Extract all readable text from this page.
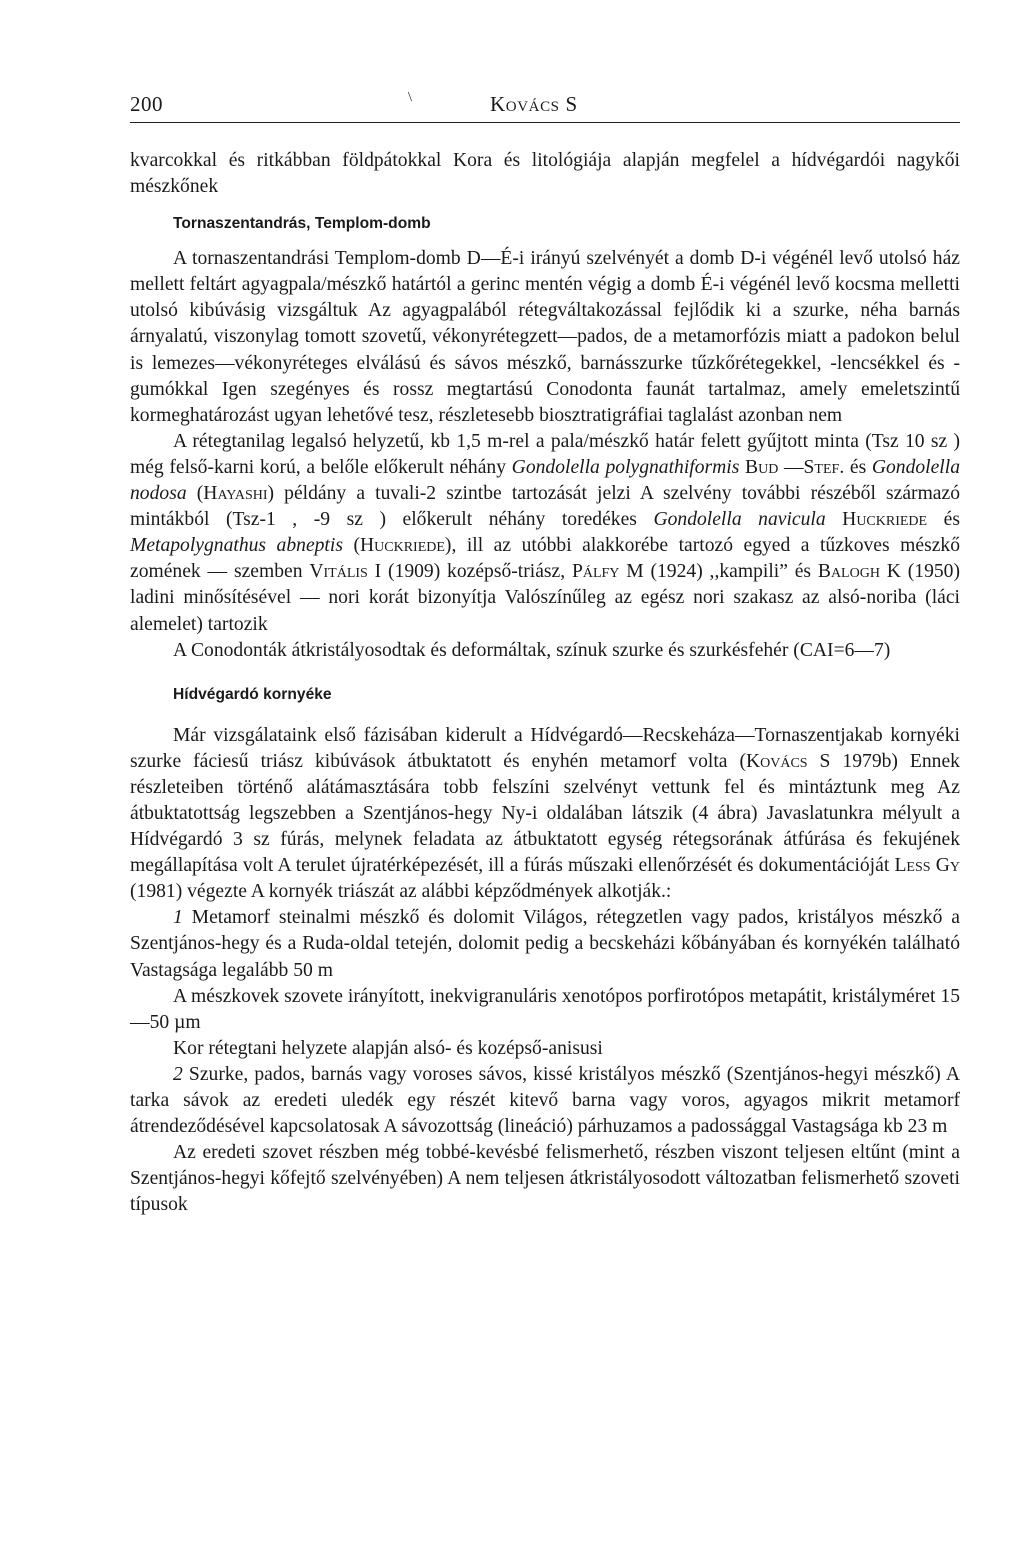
200	\	Kovács S

kvarcokkal és ritkábban földpátokkal Kora és litológiája alapján megfelel a hídvégardói nagykői mészkőnek

Tornaszentandrás, Templom-domb

A tornaszentandrási Templom-domb D—É-i irányú szelvényét a domb D-i végénél levő utolsó ház mellett feltárt agyagpala/mészkő határtól a gerinc mentén végig a domb É-i végénél levő kocsma melletti utolsó kibúvásig vizsgáltuk Az agyagpalából rétegváltakozással fejlődik ki a szurke, néha barnás árnyalatú, viszonylag tomott szovetű, vékonyrétegzett—pados, de a metamorfózis miatt a padokon belul is lemezes—vékonyréteges elválású és sávos mészkő, barnásszurke tűzkőrétegekkel, -lencsékkel és -gumókkal Igen szegényes és rossz megtartású Conodonta faunát tartalmaz, amely emeletszintű kormeghatározást ugyan lehetővé tesz, részletesebb biosztratigráfiai taglalást azonban nem

A rétegtanilag legalsó helyzetű, kb 1,5 m-rel a pala/mészkő határ felett gyűjtott minta (Tsz 10 sz ) még felső-karni korú, a belőle előkerult néhány Gondolella polygnathiformis Bud —Stef. és Gondolella nodosa (Hayashi) példány a tuvali-2 szintbe tartozását jelzi A szelvény további részéből származó mintákból (Tsz-1 , -9 sz ) előkerult néhány toredékes Gondolella navicula Huckriede és Metapolygnathus abneptis (Huckriede), ill az utóbbi alakkorébe tartozó egyed a tűzkoves mészkő zomének — szemben Vitális I (1909) kozépső-triász, Pálfy M (1924) ,,kampili” és Balogh K (1950) ladini minősítésével — nori korát bizonyítja Valószínűleg az egész nori szakasz az alsó-noriba (láci alemelet) tartozik

A Conodonták átkristályosodtak és deformáltak, színuk szurke és szurkésfehér (CAI=6—7)

Hídvégardó kornyéke

Már vizsgálataink első fázisában kiderult a Hídvégardó—Recskeháza—Tornaszentjakab kornyéki szurke fáciesű triász kibúvások átbuktatott és enyhén metamorf volta (Kovács S 1979b) Ennek részleteiben történő alátámasztására tobb felszíni szelvényt vettunk fel és mintáztunk meg Az átbuktatottság legszebben a Szentjános-hegy Ny-i oldalában látszik (4 ábra) Javaslatunkra mélyult a Hídvégardó 3 sz fúrás, melynek feladata az átbuktatott egység rétegsorának átfúrása és fekujének megállapítása volt A terulet újratérképezését, ill a fúrás műszaki ellenőrzését és dokumentációját Less Gy (1981) végezte A kornyék triászát az alábbi képződmények alkotják.:

1 Metamorf steinalmi mészkő és dolomit Világos, rétegzetlen vagy pados, kristályos mészkő a Szentjános-hegy és a Ruda-oldal tetején, dolomit pedig a becskeházi kőbányában és kornyékén található Vastagsága legalább 50 m

A mészkovek szovete irányított, inekvigranuláris xenotópos porfirotópos metapátit, kristályméret 15—50 µm

Kor rétegtani helyzete alapján alsó- és kozépső-anisusi

2 Szurke, pados, barnás vagy voroses sávos, kissé kristályos mészkő (Szentjános-hegyi mészkő) A tarka sávok az eredeti uledék egy részét kitevő barna vagy voros, agyagos mikrit metamorf átrendeződésével kapcsolatosak A sávozottság (lineáció) párhuzamos a padossággal Vastagsága kb 23 m

Az eredeti szovet részben még tobbé-kevésbé felismerhető, részben viszont teljesen eltűnt (mint a Szentjános-hegyi kőfejtő szelvényében) A nem teljesen átkristályosodott változatban felismerhető szoveti típusok
